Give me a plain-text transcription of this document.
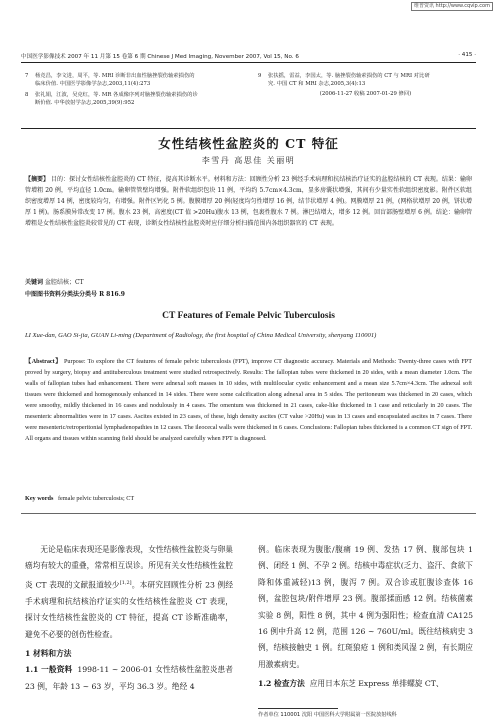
维普资讯 http://www.cqvip.com
中国医学影像技术 2007 年 11 月第 15 卷第 6 期 Chinese J Med Imaging, November 2007, Vol 15, No. 6	· 415 ·
7	杨竞昌，李文进，周平，等. MRI 诊断非出血性脑挫裂伤轴索损伤的
临床价值. 中国医学影像学杂志,2003,11(4):273
8	张礼娟，江波，吴克红，等. MR 各成像序列对脑挫裂伤轴索损伤的诊
断价值. 中华放射学杂志,2005,39(9):952
9	张扶摇，雷益，李国太，等. 脑挫裂伤轴索损伤的 CT 与 MRI 对比研
究. 中国 CT 和 MRI 杂志,2005,3(4):13
(2006-11-27 收稿 2007-01-29 修回)
女性结核性盆腔炎的 CT 特征
李雪丹 高思佳 关丽明
【摘要】 目的：探讨女性结核性盆腔炎的 CT 特征，提高其诊断水平。材料和方法：回顾性分析 23 例经手术病理和抗结核治疗证实的盆腔结核的 CT 表现。结果：输卵管增粗 20 例，平均直径 1.0cm。输卵管管壁均增强。附件软组织包块 11 例，平均约 5.7cm×4.3cm，显多房囊状增强，其间有少量实性软组织密度影。附件区软组织密度增厚 14 例，密度较均匀，有增强。附件区钙化 5 例。腹膜增厚 20 例(轻度均匀性增厚 16 例，结节状增厚 4 例)。网膜增厚 21 例，(网格状增厚 20 例，饼状增厚 1 例)。肠系膜异常改变 17 例。腹水 23 例，高密度(CT 值 >20Hu)腹水 13 例，包裹性腹水 7 例。淋巴结增大，增多 12 例。回盲部肠壁增厚 6 例。结论：输卵管增粗是女性结核性盆腔炎较常见的 CT 表现，诊断女性结核性盆腔炎时应仔细分析扫描范围内各组织器官的 CT 表现。
关键词 盆腔结核；CT
中图图书资料分类法分类号 R 816.9
CT Features of Female Pelvic Tuberculosis
LI Xue-dan, GAO Si-jia, GUAN Li-ming (Department of Radiology, the first hospital of China Medical University, shenyang 110001)
【Abstract】 Purpose: To explore the CT features of female pelvic tuberculosis (FPT), improve CT diagnostic accuracy. Materials and Methods: Twenty-three cases with FPT proved by surgery, biopsy and antituberculous treatment were studied retrospectively. Results: The fallopian tubes were thickened in 20 sides, with a mean diameter 1.0cm. The walls of fallopian tubes had enhancement. There were adnexal soft masses in 10 sides, with multilocular cystic enhancement and a mean size 5.7cm×4.3cm. The adnexal soft tissues were thickened and homogenously enhanced in 14 sides. There were some calcification along adnexal area in 5 sides. The peritoneum was thickened in 20 cases, which were smoothy, mildly thickened in 16 cases and nodulously in 4 cases. The omentum was thickened in 21 cases, cake-like thickened in 1 case and reticularly in 20 cases. The mesenteric abnormalities were in 17 cases. Ascites existed in 23 cases, of these, high density ascites (CT value >20Hu) was in 13 cases and encapsulated ascites in 7 cases. There were mesenteric/retroperitonial lymphadenopathies in 12 cases. The ileocecal walls were thickened in 6 cases. Conclusions: Fallopian tubes thickened is a common CT sign of FPT. All organs and tissues within scanning field should be analyzed carefully when FPT is diagnosed.
Key words female pelvic tuberculosis; CT
无论是临床表现还是影像表现，女性结核性盆腔炎与卵巢癌均有较大的重叠，常常相互误诊。所见有关女性结核性盆腔炎 CT 表现的文献报道较少[1,2]。本研究回顾性分析 23 例经手术病理和抗结核治疗证实的女性结核性盆腔炎 CT 表现，探讨女性结核性盆腔炎的 CT 特征，提高 CT 诊断准确率，避免不必要的创伤性检查。
1 材料和方法
1.1 一般资料 1998-11 ~ 2006-01 女性结核性盆腔炎患者 23 例，年龄 13 ~ 63 岁，平均 36.3 岁。绝经 4
例。临床表现为腹胀/腹痛 19 例、发热 17 例、腹部包块 1 例、闭经 1 例、不孕 2 例。结核中毒症状(乏力、盗汗、食欲下降和体重减轻)13 例，腹泻 7 例。双合诊或肛腹诊查体 16 例，盆腔包块/附件增厚 23 例。腹部揉面感 12 例。结核菌素实验 8 例，阳性 8 例，其中 4 例为强阳性；检查血清 CA125 16 例中升高 12 例，范围 126 ~ 760U/ml。既往结核病史 3 例，结核接触史 1 例。红斑狼疮 1 例和类风湿 2 例，有长期应用激素病史。
1.2 检查方法 应用日本东芝 Express 单排螺旋 CT、
作者单位 110001 沈阳 中国医科大学附属第一医院放射线科
